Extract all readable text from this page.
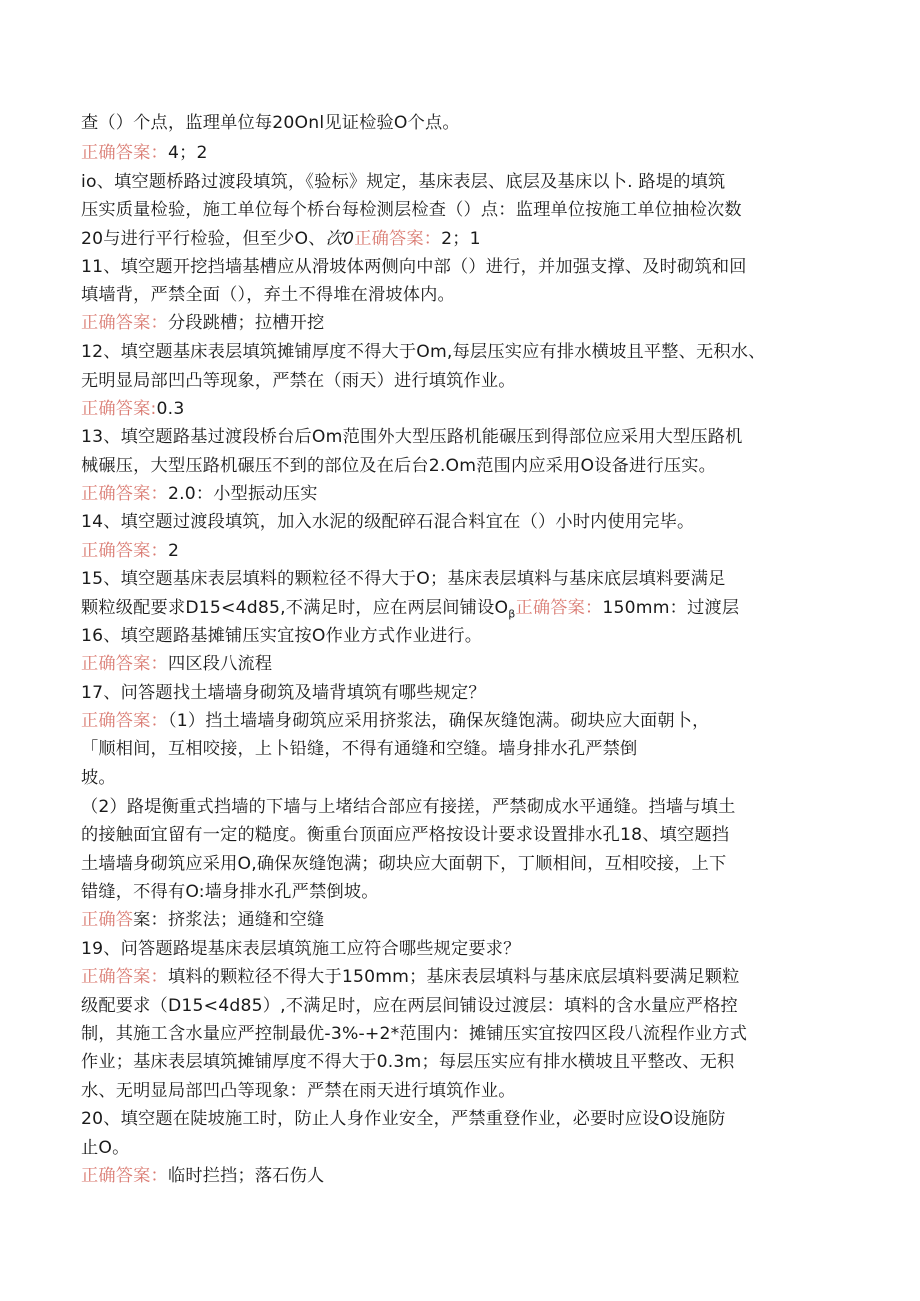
查（）个点，监理单位每20Onl见证检验O个点。
正确答案：4；2
io、填空题桥路过渡段填筑，《验标》规定，基床表层、底层及基床以卜. 路堤的填筑
压实质量检验，施工单位每个桥台每检测层检查（）点：监理单位按施工单位抽检次数
20与进行平行检验，但至少O、次0正确答案：2；1
11、填空题开挖挡墙基槽应从滑坡体两侧向中部（）进行，并加强支撑、及时砌筑和回
填墙背，严禁全面（），弃土不得堆在滑坡体内。
正确答案：分段跳槽；拉槽开挖
12、填空题基床表层填筑摊铺厚度不得大于Om,每层压实应有排水横坡且平整、无积水、
无明显局部凹凸等现象，严禁在（雨天）进行填筑作业。
正确答案:0.3
13、填空题路基过渡段桥台后Om范围外大型压路机能碾压到得部位应采用大型压路机
械碾压，大型压路机碾压不到的部位及在后台2.Om范围内应采用O设备进行压实。
正确答案：2.0：小型振动压实
14、填空题过渡段填筑，加入水泥的级配碎石混合料宜在（）小时内使用完毕。
正确答案：2
15、填空题基床表层填料的颗粒径不得大于O；基床表层填料与基床底层填料要满足
颗粒级配要求D15<4d85,不满足时，应在两层间铺设$O_\beta$正确答案：150mm：过渡层
16、填空题路基摊铺压实宜按O作业方式作业进行。
正确答案：四区段八流程
17、问答题找土墙墙身砌筑及墙背填筑有哪些规定？
正确答案：（1）挡土墙墙身砌筑应采用挤浆法，确保灰缝饱满。砌块应大面朝卜，
「顺相间，互相咬接，上卜铅缝，不得有通缝和空缝。墙身排水孔严禁倒
坡。
（2）路堤衡重式挡墙的下墙与上堵结合部应有接搓，严禁砌成水平通缝。挡墙与填土
的接触面宜留有一定的糙度。衡重台顶面应严格按设计要求设置排水孔18、填空题挡
土墙墙身砌筑应采用O,确保灰缝饱满；砌块应大面朝下，丁顺相间，互相咬接，上下
错缝，不得有O:墙身排水孔严禁倒坡。
正确答案：挤浆法；通缝和空缝
19、问答题路堤基床表层填筑施工应符合哪些规定要求？
正确答案：填料的颗粒径不得大于150mm；基床表层填料与基床底层填料要满足颗粒
级配要求（D15<4d85）,不满足时，应在两层间铺设过渡层：填料的含水量应严格控
制，其施工含水量应严控制最优-3%-+2*范围内：摊铺压实宜按四区段八流程作业方式
作业；基床表层填筑摊铺厚度不得大于0.3m；每层压实应有排水横坡且平整改、无积
水、无明显局部凹凸等现象：严禁在雨天进行填筑作业。
20、填空题在陡坡施工时，防止人身作业安全，严禁重登作业，必要时应设O设施防
止O。
正确答案：临时拦挡；落石伤人
